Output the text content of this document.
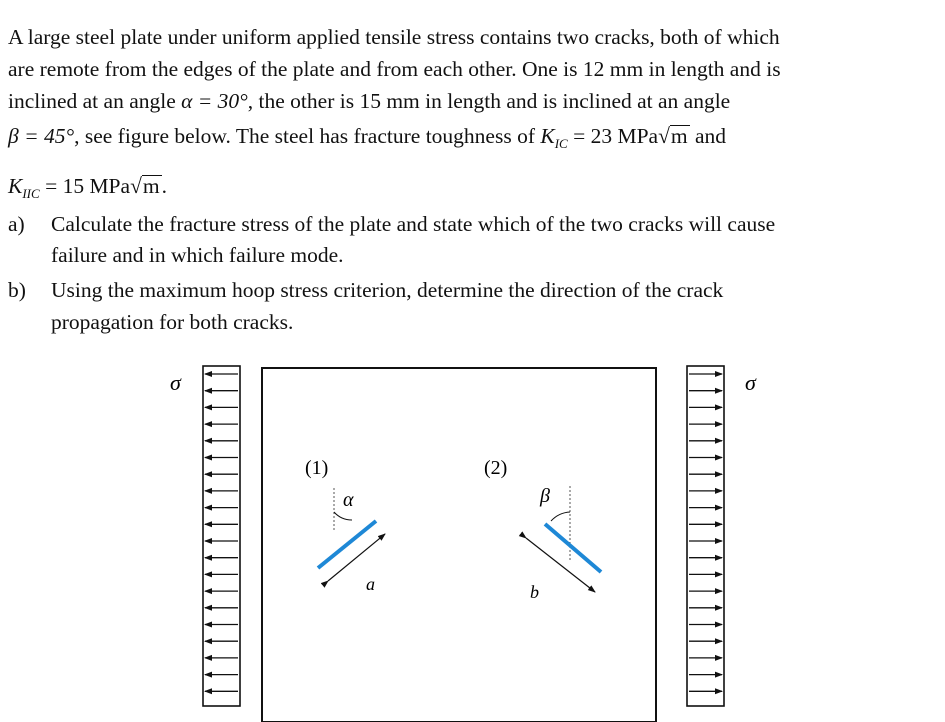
A large steel plate under uniform applied tensile stress contains two cracks, both of which
are remote from the edges of the plate and from each other. One is 12 mm in length and is
inclined at an angle α = 30°, the other is 15 mm in length and is inclined at an angle
β = 45°, see figure below. The steel has fracture toughness of $K_{IC} = 23$ MPa√m and
$K_{IIC} = 15$ MPa√m.
a) Calculate the fracture stress of the plate and state which of the two cracks will cause
failure and in which failure mode.
b) Using the maximum hoop stress criterion, determine the direction of the crack
propagation for both cracks.
σ	σ
(1)	(2)
α
a
β
b
